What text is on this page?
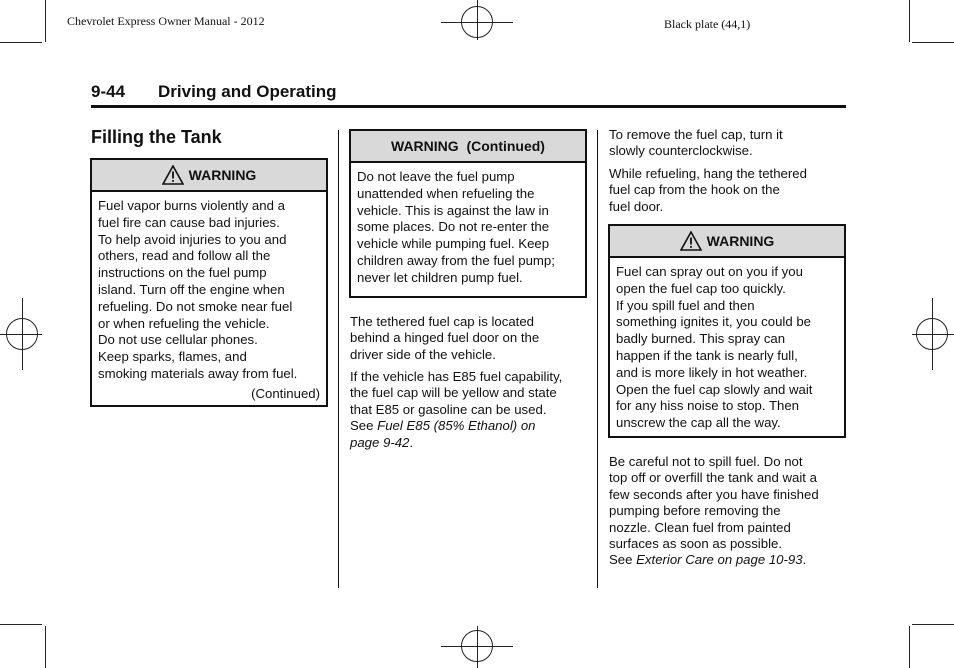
Chevrolet Express Owner Manual - 2012	Black plate (44,1)
9-44 Driving and Operating
Filling the Tank
WARNING
Fuel vapor burns violently and a
fuel fire can cause bad injuries.
To help avoid injuries to you and
others, read and follow all the
instructions on the fuel pump
island. Turn off the engine when
refueling. Do not smoke near fuel
or when refueling the vehicle.
Do not use cellular phones.
Keep sparks, flames, and
smoking materials away from fuel.
(Continued)
WARNING  (Continued)
Do not leave the fuel pump
unattended when refueling the
vehicle. This is against the law in
some places. Do not re-enter the
vehicle while pumping fuel. Keep
children away from the fuel pump;
never let children pump fuel.

The tethered fuel cap is located
behind a hinged fuel door on the
driver side of the vehicle.

If the vehicle has E85 fuel capability,
the fuel cap will be yellow and state
that E85 or gasoline can be used.
See Fuel E85 (85% Ethanol) on
page 9-42.

To remove the fuel cap, turn it
slowly counterclockwise.

While refueling, hang the tethered
fuel cap from the hook on the
fuel door.

WARNING
Fuel can spray out on you if you
open the fuel cap too quickly.
If you spill fuel and then
something ignites it, you could be
badly burned. This spray can
happen if the tank is nearly full,
and is more likely in hot weather.
Open the fuel cap slowly and wait
for any hiss noise to stop. Then
unscrew the cap all the way.

Be careful not to spill fuel. Do not
top off or overfill the tank and wait a
few seconds after you have finished
pumping before removing the
nozzle. Clean fuel from painted
surfaces as soon as possible.
See Exterior Care on page 10-93.
